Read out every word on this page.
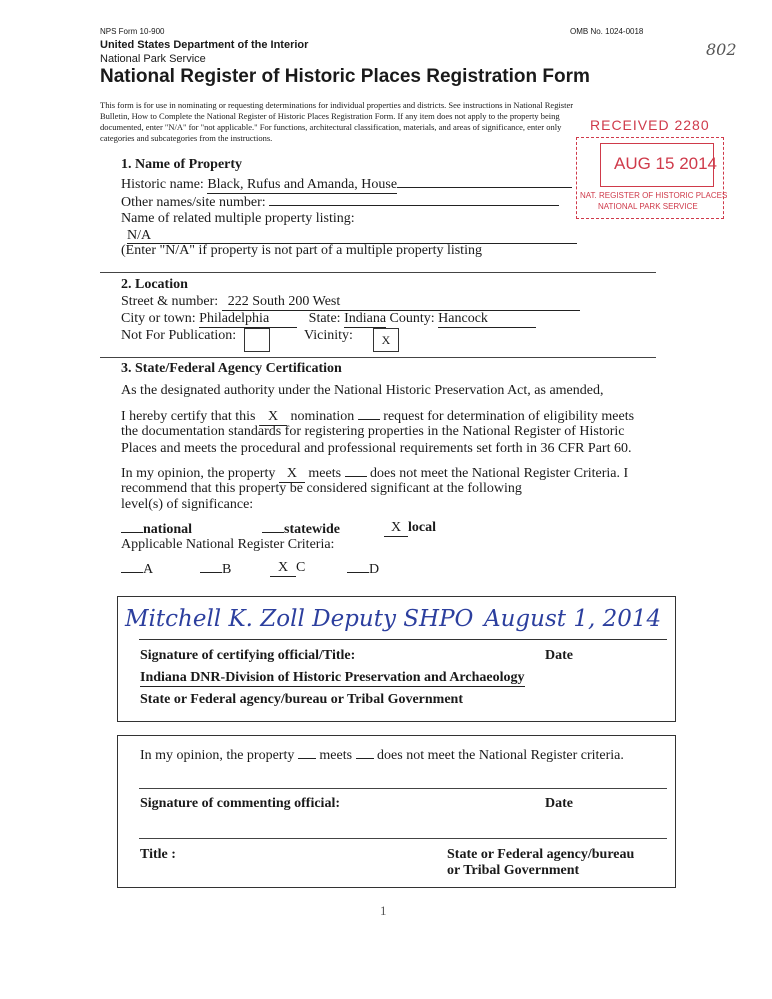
NPS Form 10-900	OMB No. 1024-0018
United States Department of the Interior
National Park Service
National Register of Historic Places Registration Form
802
This form is for use in nominating or requesting determinations for individual properties and districts. See instructions in National Register
Bulletin, How to Complete the National Register of Historic Places Registration Form. If any item does not apply to the property being
documented, enter "N/A" for "not applicable." For functions, architectural classification, materials, and areas of significance, enter only
categories and subcategories from the instructions.
RECEIVED 2280
AUG 15 2014
NAT. REGISTER OF HISTORIC PLACES
NATIONAL PARK SERVICE
1. Name of Property
Historic name: Black, Rufus and Amanda, House
Other names/site number:
Name of related multiple property listing:
N/A
(Enter "N/A" if property is not part of a multiple property listing
2. Location
Street & number: 222 South 200 West
City or town: Philadelphia	State: Indiana County: Hancock
Not For Publication:	Vicinity:	X
3. State/Federal Agency Certification
As the designated authority under the National Historic Preservation Act, as amended,
I hereby certify that this X nomination request for determination of eligibility meets
the documentation standards for registering properties in the National Register of Historic
Places and meets the procedural and professional requirements set forth in 36 CFR Part 60.
In my opinion, the property X meets does not meet the National Register Criteria. I
recommend that this property be considered significant at the following
level(s) of significance:
national	statewide	X local
Applicable National Register Criteria:
A	B	X C	D
Mitchell K. Zoll Deputy SHPO August 1, 2014
Signature of certifying official/Title:	Date
Indiana DNR-Division of Historic Preservation and Archaeology
State or Federal agency/bureau or Tribal Government
In my opinion, the property meets does not meet the National Register criteria.
Signature of commenting official:	Date
Title :	State or Federal agency/bureau
or Tribal Government
1
